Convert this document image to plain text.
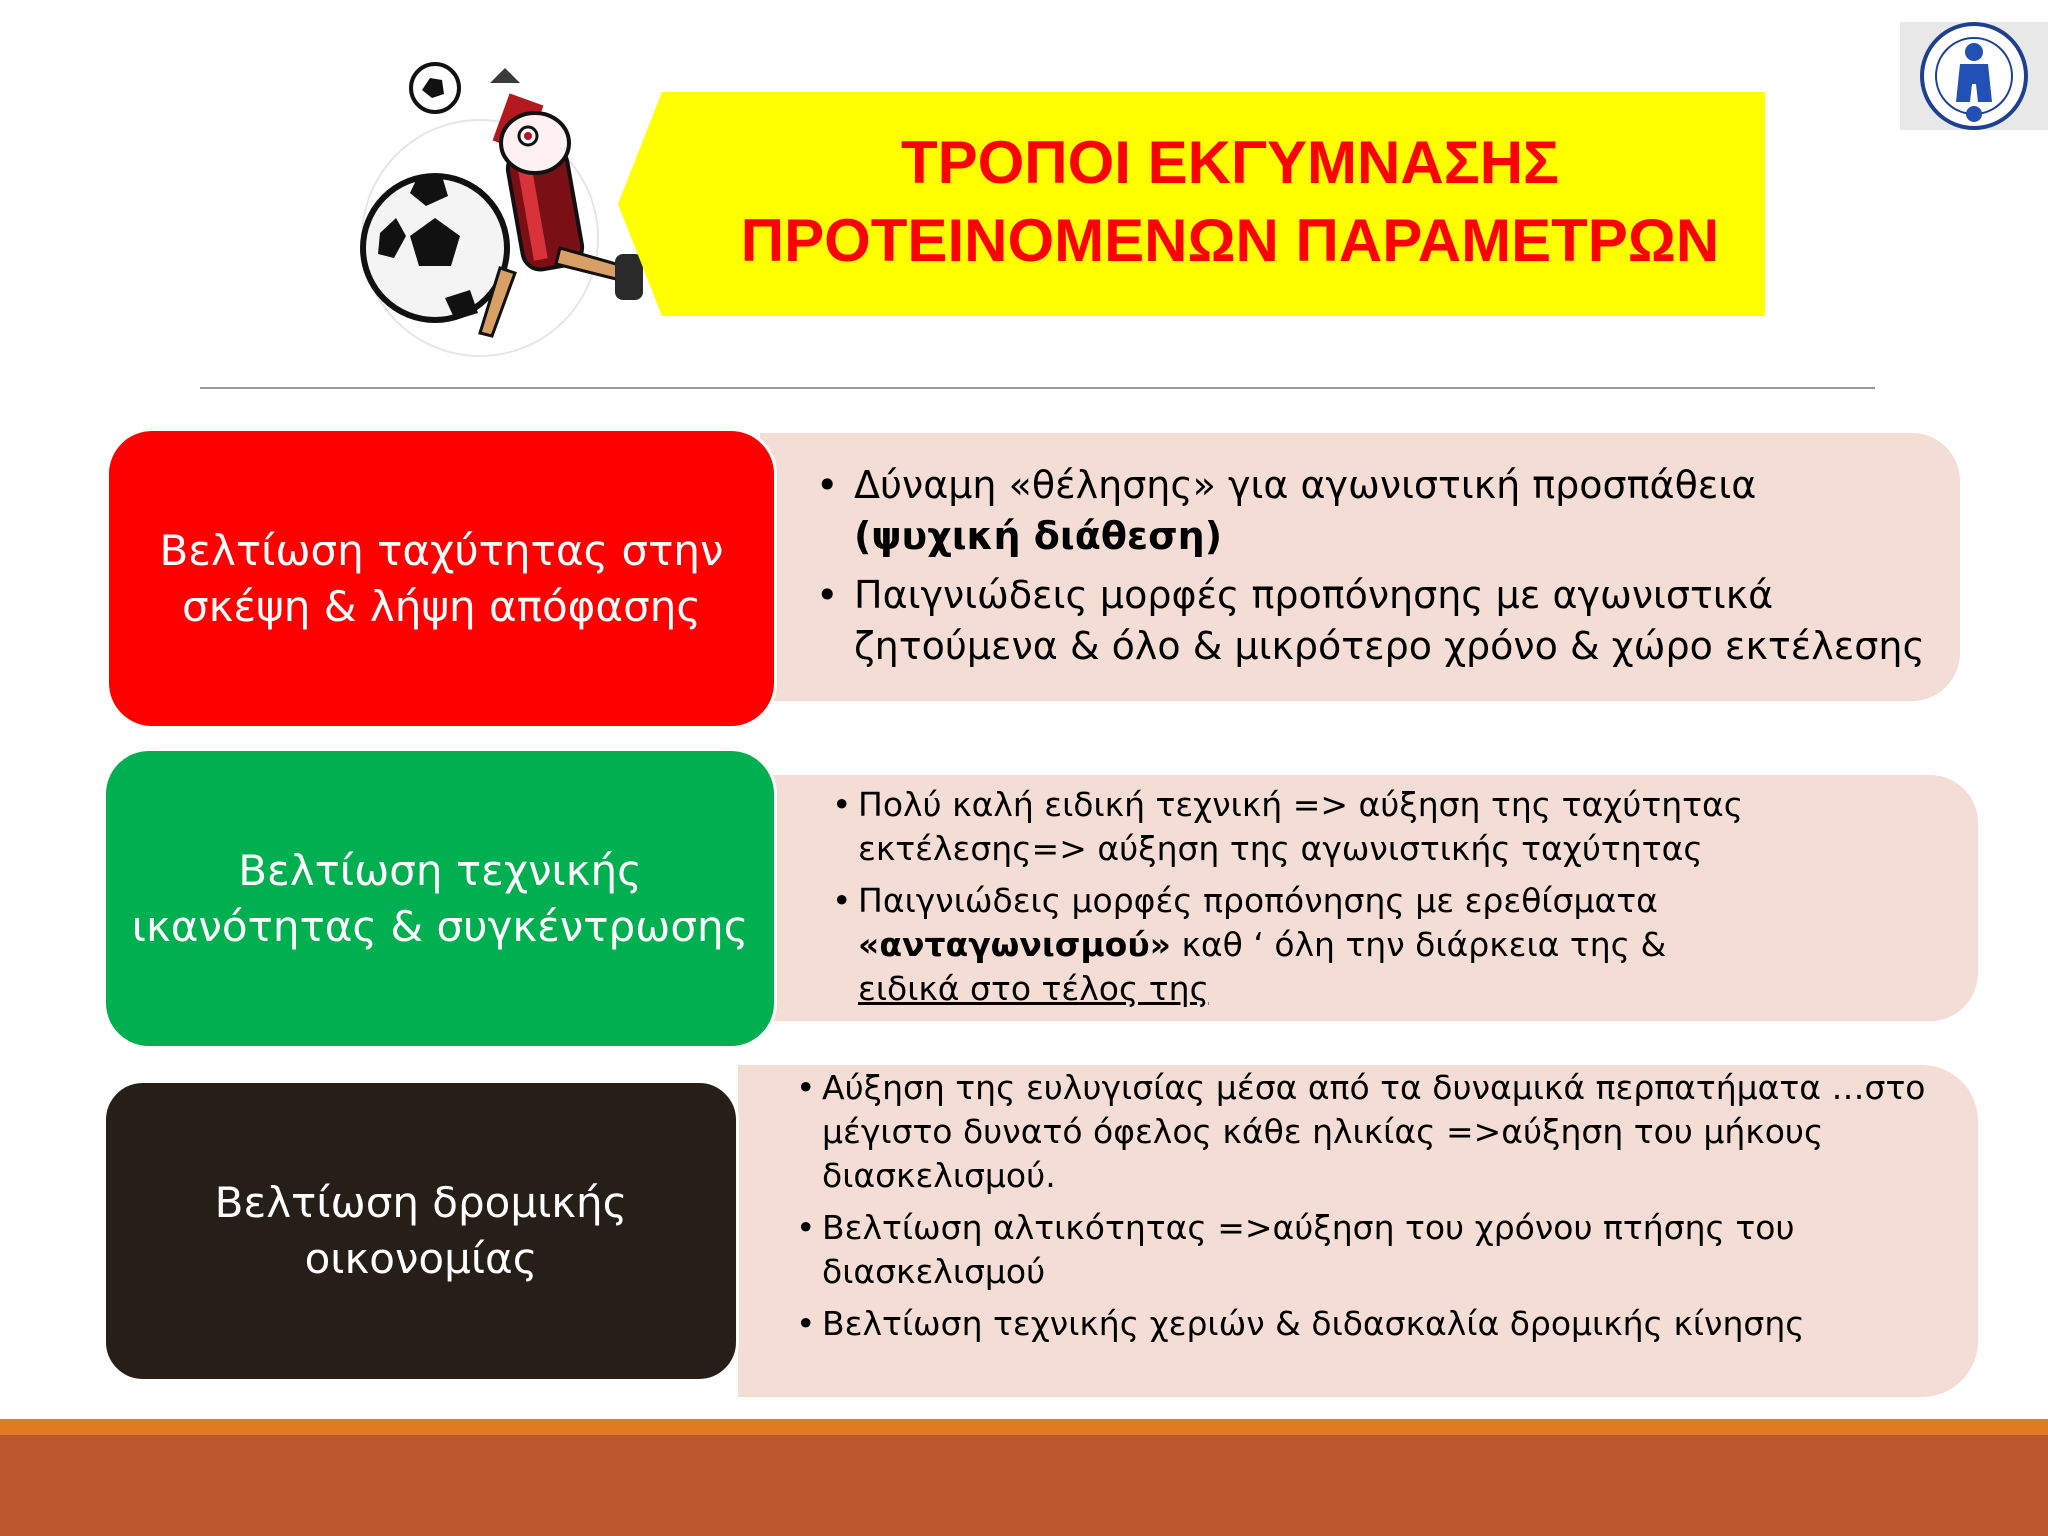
ΤΡΟΠΟΙ ΕΚΓΥΜΝΑΣΗΣ
ΠΡΟΤΕΙΝΟΜΕΝΩΝ ΠΑΡΑΜΕΤΡΩΝ
Βελτίωση ταχύτητας στην σκέψη & λήψη απόφασης
• Δύναμη «θέλησης» για αγωνιστική προσπάθεια
(ψυχική διάθεση)
• Παιγνιώδεις μορφές προπόνησης με αγωνιστικά ζητούμενα & όλο & μικρότερο χρόνο & χώρο εκτέλεσης
Βελτίωση τεχνικής ικανότητας & συγκέντρωσης
• Πολύ καλή ειδική τεχνική => αύξηση της ταχύτητας εκτέλεσης=> αύξηση της αγωνιστικής ταχύτητας
• Παιγνιώδεις μορφές προπόνησης με ερεθίσματα
«ανταγωνισμού» καθ ‘ όλη την διάρκεια της &
ειδικά στο τέλος της
Βελτίωση δρομικής οικονομίας
• Αύξηση της ευλυγισίας μέσα από τα δυναμικά περπατήματα …στο μέγιστο δυνατό όφελος κάθε ηλικίας =>αύξηση του μήκους διασκελισμού.
• Βελτίωση αλτικότητας =>αύξηση του χρόνου πτήσης του διασκελισμού
• Βελτίωση τεχνικής χεριών & διδασκαλία δρομικής κίνησης
